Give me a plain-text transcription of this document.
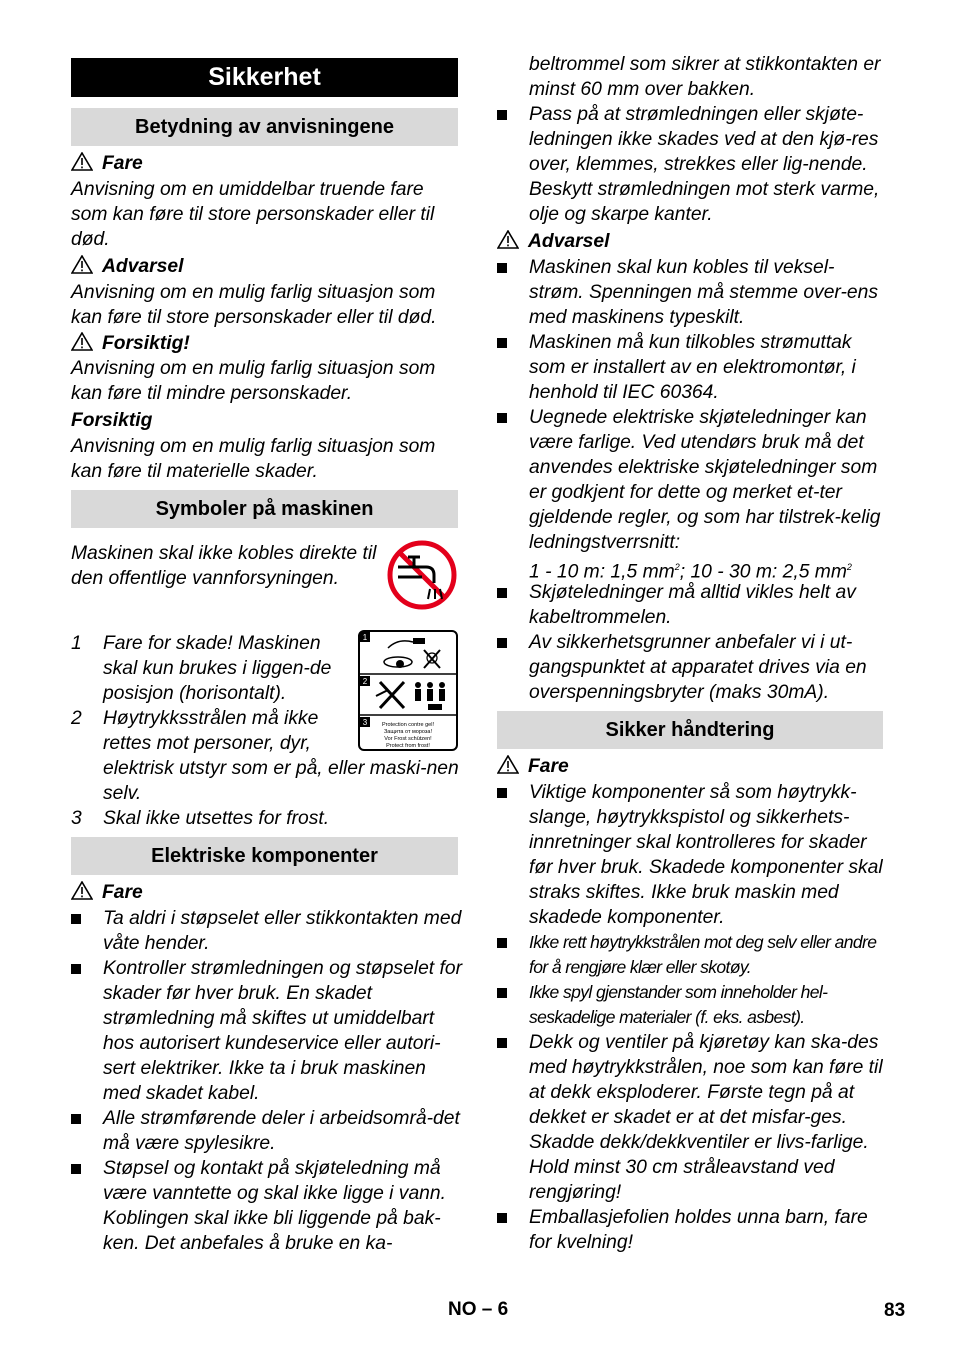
Sikkerhet
Betydning av anvisningene
Fare
Anvisning om en umiddelbar truende fare som kan føre til store personskader eller til død.
Advarsel
Anvisning om en mulig farlig situasjon som kan føre til store personskader eller til død.
Forsiktig!
Anvisning om en mulig farlig situasjon som kan føre til mindre personskader.
Forsiktig
Anvisning om en mulig farlig situasjon som kan føre til materielle skader.
Symboler på maskinen
Maskinen skal ikke kobles direkte til den offentlige vannforsyningen.
1 Fare for skade! Maskinen skal kun brukes i liggen-de posisjon (horisontalt).
2 Høytrykksstrålen må ikke rettes mot personer, dyr,
elektrisk utstyr som er på, eller maski-nen selv.
3 Skal ikke utsettes for frost.
1
2
3	Protection contre gel!
Защита от мороза!
Vor Frost schützen!
Protect from frost!
Elektriske komponenter
Fare
Ta aldri i støpselet eller stikkontakten med våte hender.
Kontroller strømledningen og støpselet for skader før hver bruk. En skadet strømledning må skiftes ut umiddelbart hos autorisert kundeservice eller autori-sert elektriker. Ikke ta i bruk maskinen med skadet kabel.
Alle strømførende deler i arbeidsområ-det må være spylesikre.
Støpsel og kontakt på skjøteledning må være vanntette og skal ikke ligge i vann. Koblingen skal ikke bli liggende på bak-ken. Det anbefales å bruke en ka-
beltrommel som sikrer at stikkontakten er minst 60 mm over bakken.
Pass på at strømledningen eller skjøte-ledningen ikke skades ved at den kjø-res over, klemmes, strekkes eller lig-nende. Beskytt strømledningen mot sterk varme, olje og skarpe kanter.
Advarsel
Maskinen skal kun kobles til veksel-strøm. Spenningen må stemme over-ens med maskinens typeskilt.
Maskinen må kun tilkobles strømuttak som er installert av en elektromontør, i henhold til IEC 60364.
Uegnede elektriske skjøteledninger kan være farlige. Ved utendørs bruk må det anvendes elektriske skjøteledninger som er godkjent for dette og merket et-ter gjeldende regler, og som har tilstrek-kelig ledningstverrsnitt:
1 - 10 m: 1,5 $mm^2$; 10 - 30 m: 2,5 $mm^2$
Skjøteledninger må alltid vikles helt av kabeltrommelen.
Av sikkerhetsgrunner anbefaler vi i ut-gangspunktet at apparatet drives via en overspenningsbryter (maks 30mA).
Sikker håndtering
Fare
Viktige komponenter så som høytrykk-slange, høytrykkspistol og sikkerhets-innretninger skal kontrolleres for skader før hver bruk. Skadede komponenter skal straks skiftes. Ikke bruk maskin med skadede komponenter.
Ikke rett høytrykkstrålen mot deg selv eller andre for å rengjøre klær eller skotøy.
Ikke spyl gjenstander som inneholder hel-seskadelige materialer (f. eks. asbest).
Dekk og ventiler på kjøretøy kan ska-des med høytrykkstrålen, noe som kan føre til at dekk eksploderer. Første tegn på at dekket er skadet er at det misfar-ges. Skadde dekk/dekkventiler er livs-farlige. Hold minst 30 cm stråleavstand ved rengjøring!
Emballasjefolien holdes unna barn, fare for kvelning!
NO – 6	83
